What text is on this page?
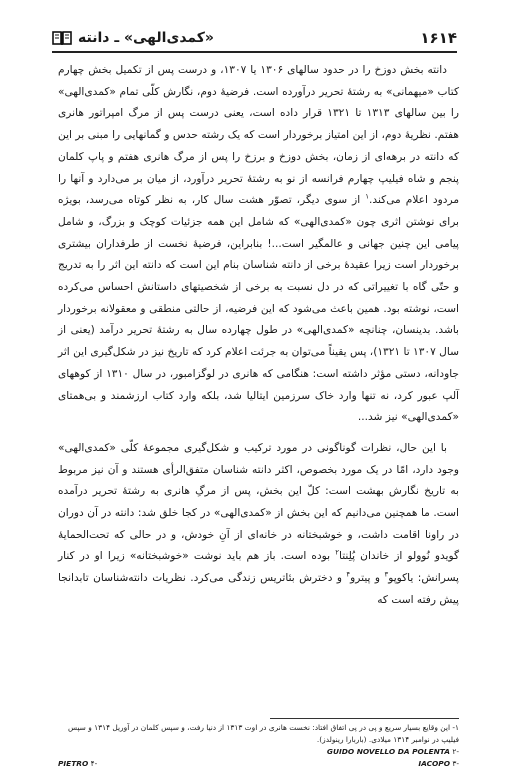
۱۶۱۴
«کمدی‌الهی» ـ دانته

دانته بخش دوزخ را در حدود سالهای ۱۳۰۶ یا ۱۳۰۷، و درست پس از تکمیل بخش چهارم کتاب «میهمانی» به رشتهٔ تحریر درآورده است. فرضیهٔ دوم، نگارش کلّی تمام «کمدی‌الهی» را بین سالهای ۱۳۱۳ تا ۱۳۲۱ قرار داده است، یعنی درست پس از مرگ امپراتور هانری هفتم. نظریهٔ دوم، از این امتیاز برخوردار است که یک رشته حدس و گمانهایی را مبنی بر این که دانته در برهه‌ای از زمان، بخش دوزخ و برزخ را پس از مرگ هانری هفتم و پاپ کلمان پنجم و شاه فیلیپ چهارم فرانسه از نو به رشتهٔ تحریر درآورد، از میان بر می‌دارد و آنها را مردود اعلام می‌کند.$^۱$ از سوی دیگر، تصوّر هشت سال کار، به نظر کوتاه می‌رسد، بویژه برای نوشتن اثری چون «کمدی‌الهی» که شامل این همه جزئیات کوچک و بزرگ، و شامل پیامی این چنین جهانی و عالمگیر است...! بنابراین، فرضیهٔ نخست از طرفداران بیشتری برخوردار است زیرا عقیدهٔ برخی از دانته شناسان بنام این است که دانته این اثر را به تدریج و حتّی گاه با تغییراتی که در دل نسبت به برخی از شخصیتهای داستانش احساس می‌کرده است، نوشته بود. همین باعث می‌شود که این فرضیه، از حالتی منطقی و معقولانه برخوردار باشد. بدینسان، چنانچه «کمدی‌الهی» در طول چهارده سال به رشتهٔ تحریر درآمد (یعنی از سال ۱۳۰۷ تا ۱۳۲۱)، پس یقیناً می‌توان به جرئت اعلام کرد که تاریخ نیز در شکل‌گیری این اثر جاودانه، دستی مؤثر داشته است: هنگامی که هانری در لوگزامبور، در سال ۱۳۱۰ از کوههای آلپ عبور کرد، نه تنها وارد خاک سرزمین ایتالیا شد، بلکه وارد کتاب ارزشمند و بی‌همتای «کمدی‌الهی» نیز شد...

با این حال، نظرات گوناگونی در مورد ترکیب و شکل‌گیری مجموعهٔ کلّی «کمدی‌الهی» وجود دارد، امّا در یک مورد بخصوص، اکثر دانته شناسان متفق‌الرأی هستند و آن نیز مربوط به تاریخ نگارش بهشت است: کلّ این بخش، پس از مرگِ هانری به رشتهٔ تحریر درآمده است. ما همچنین می‌دانیم که این بخش از «کمدی‌الهی» در کجا خلق شد: دانته در آن دوران در راونا اقامت داشت، و خوشبختانه در خانه‌ای از آنِ خودش، و در حالی که تحت‌الحمایهٔ گویدو نُوولو از خاندان پُلِنتا$^۲$ بوده است. باز هم باید نوشت «خوشبختانه» زیرا او در کنار پسرانش: یاکوپو$^۳$ و پیترو$^۴$ و دخترش بئاتریس زندگی می‌کرد. نظریات دانته‌شناسان تابدانجا پیش رفته است که

۱- این وقایع بسیار سریع و پی در پی اتفاق افتاد: نخست هانری در اوت ۱۳۱۳ از دنیا رفت، و سپس کلمان در آوریل ۱۳۱۴ و سپس فیلیپ در نوامبر ۱۳۱۴ میلادی. (باربارا رینولدز).
-۲ GUIDO NOVELLO DA POLENTA
-۳ IACOPO
-۴ PIETRO
